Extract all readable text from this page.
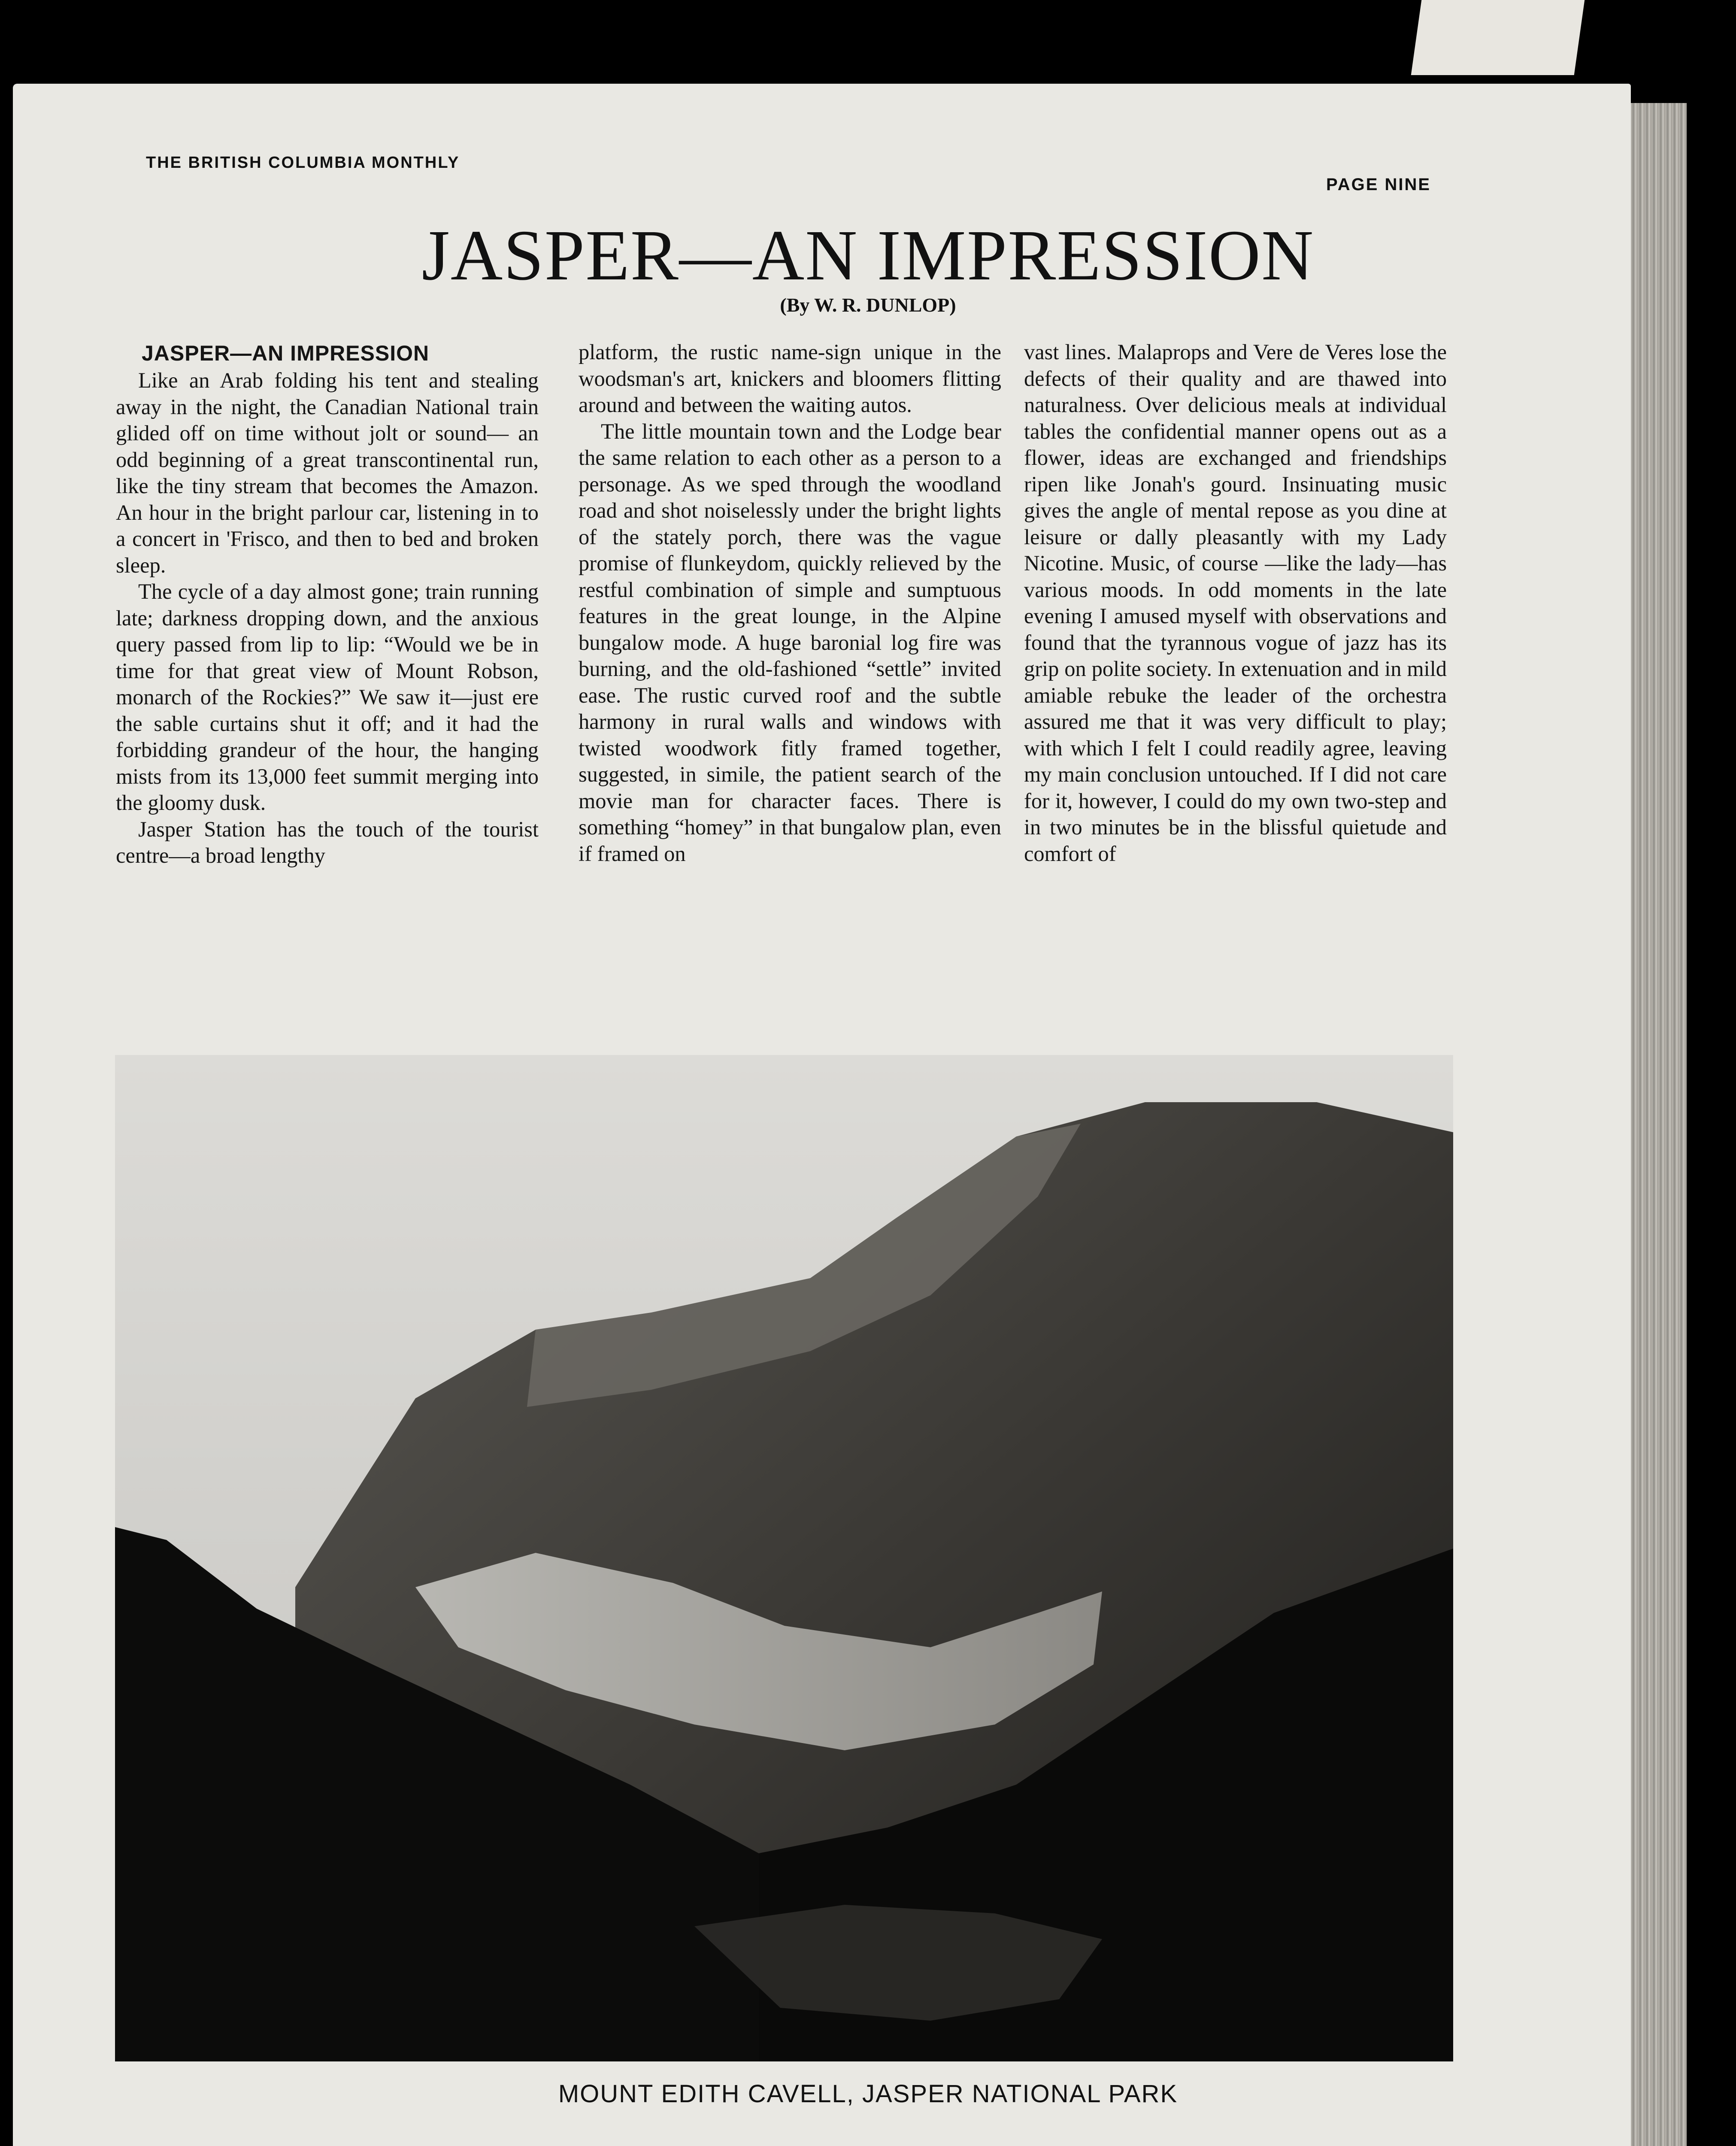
THE BRITISH COLUMBIA MONTHLY
PAGE NINE
JASPER—AN IMPRESSION
(By W. R. DUNLOP)
JASPER—AN IMPRESSION

Like an Arab folding his tent and stealing away in the night, the Canadian National train glided off on time without jolt or sound— an odd beginning of a great transcontinental run, like the tiny stream that becomes the Amazon. An hour in the bright parlour car, listening in to a concert in 'Frisco, and then to bed and broken sleep.

The cycle of a day almost gone; train running late; darkness dropping down, and the anxious query passed from lip to lip: “Would we be in time for that great view of Mount Robson, monarch of the Rockies?” We saw it—just ere the sable curtains shut it off; and it had the forbidding grandeur of the hour, the hanging mists from its 13,000 feet summit merging into the gloomy dusk.

Jasper Station has the touch of the tourist centre—a broad lengthy

platform, the rustic name-sign unique in the woodsman's art, knickers and bloomers flitting around and between the waiting autos.

The little mountain town and the Lodge bear the same relation to each other as a person to a personage. As we sped through the woodland road and shot noiselessly under the bright lights of the stately porch, there was the vague promise of flunkeydom, quickly relieved by the restful combination of simple and sumptuous features in the great lounge, in the Alpine bungalow mode. A huge baronial log fire was burning, and the old-fashioned “settle” invited ease. The rustic curved roof and the subtle harmony in rural walls and windows with twisted woodwork fitly framed together, suggested, in simile, the patient search of the movie man for character faces. There is something “homey” in that bungalow plan, even if framed on

vast lines. Malaprops and Vere de Veres lose the defects of their quality and are thawed into naturalness. Over delicious meals at individual tables the confidential manner opens out as a flower, ideas are exchanged and friendships ripen like Jonah's gourd. Insinuating music gives the angle of mental repose as you dine at leisure or dally pleasantly with my Lady Nicotine. Music, of course —like the lady—has various moods. In odd moments in the late evening I amused myself with observations and found that the tyrannous vogue of jazz has its grip on polite society. In extenuation and in mild amiable rebuke the leader of the orchestra assured me that it was very difficult to play; with which I felt I could readily agree, leaving my main conclusion untouched. If I did not care for it, however, I could do my own two-step and in two minutes be in the blissful quietude and comfort of

MOUNT EDITH CAVELL, JASPER NATIONAL PARK
